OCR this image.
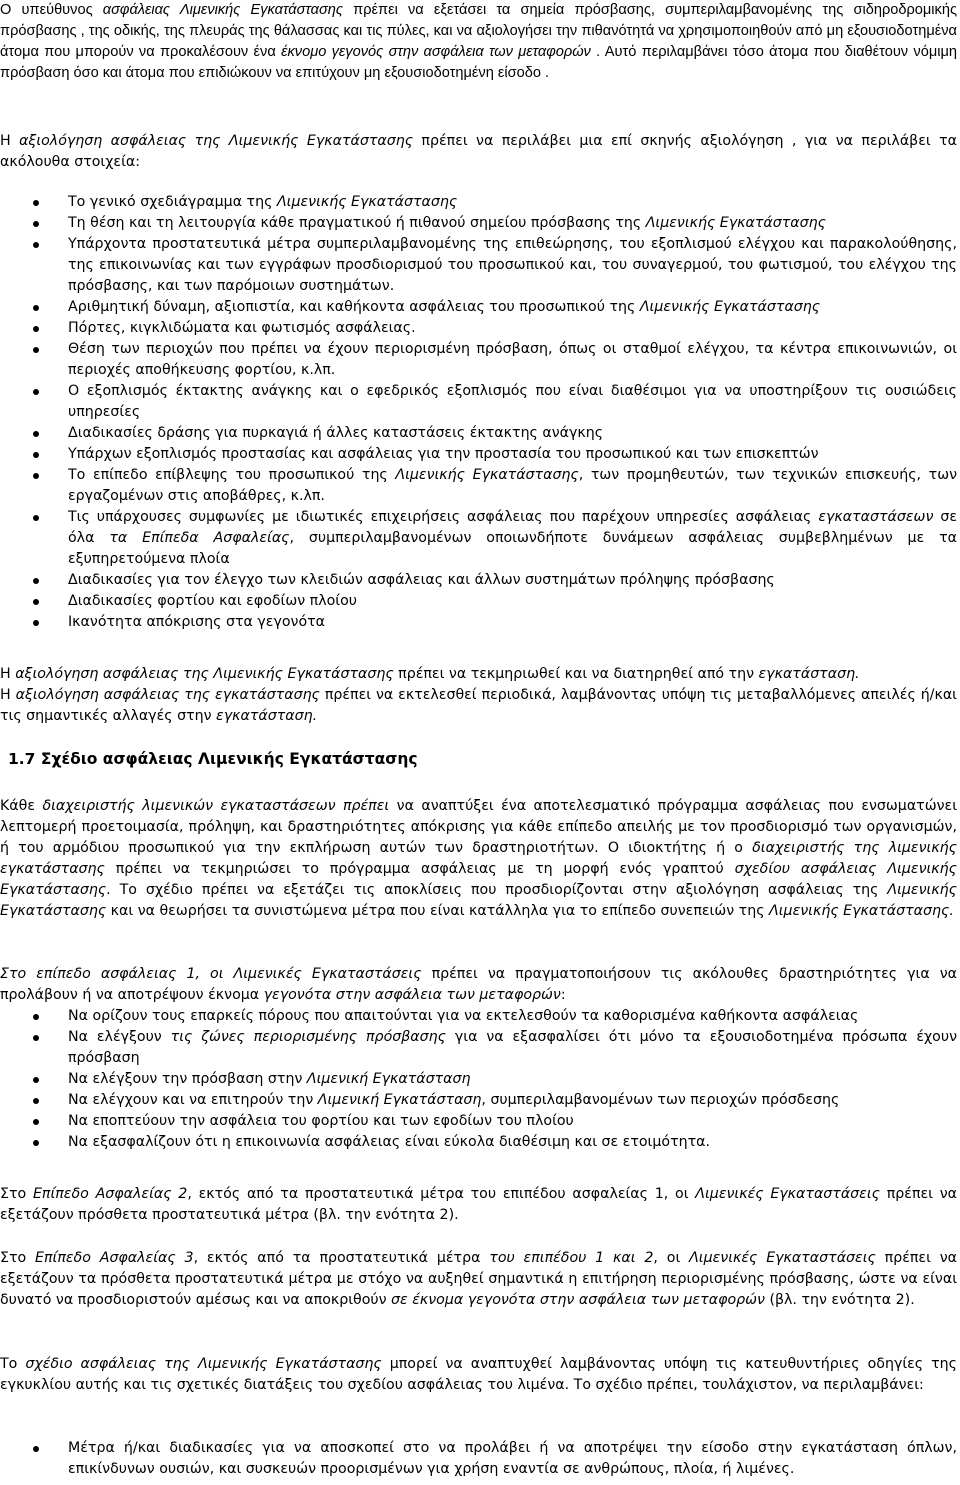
Ο υπεύθυνος ασφάλειας Λιμενικής Εγκατάστασης πρέπει να εξετάσει τα σημεία πρόσβασης, συμπεριλαμβανομένης της σιδηροδρομικής πρόσβασης , της οδικής, της πλευράς της θάλασσας και τις πύλες, και να αξιολογήσει την πιθανότητά να χρησιμοποιηθούν από μη εξουσιοδοτημένα άτομα που μπορούν να προκαλέσουν ένα έκνομο γεγονός στην ασφάλεια των μεταφορών . Αυτό περιλαμβάνει τόσο άτομα που διαθέτουν νόμιμη πρόσβαση όσο και άτομα που επιδιώκουν να επιτύχουν μη εξουσιοδοτημένη είσοδο .

Η αξιολόγηση ασφάλειας της Λιμενικής Εγκατάστασης πρέπει να περιλάβει μια επί σκηνής αξιολόγηση , για να περιλάβει τα ακόλουθα στοιχεία:

Το γενικό σχεδιάγραμμα της Λιμενικής Εγκατάστασης
Τη θέση και τη λειτουργία κάθε πραγματικού ή πιθανού σημείου πρόσβασης της Λιμενικής Εγκατάστασης
Υπάρχοντα προστατευτικά μέτρα συμπεριλαμβανομένης της επιθεώρησης, του εξοπλισμού ελέγχου και παρακολούθησης, της επικοινωνίας και των εγγράφων προσδιορισμού του προσωπικού και, του συναγερμού, του φωτισμού, του ελέγχου της πρόσβασης, και των παρόμοιων συστημάτων.
Αριθμητική δύναμη, αξιοπιστία, και καθήκοντα ασφάλειας του προσωπικού της Λιμενικής Εγκατάστασης
Πόρτες, κιγκλιδώματα και φωτισμός ασφάλειας.
Θέση των περιοχών που πρέπει να έχουν περιορισμένη πρόσβαση, όπως οι σταθμοί ελέγχου, τα κέντρα επικοινωνιών, οι περιοχές αποθήκευσης φορτίου, κ.λπ.
Ο εξοπλισμός έκτακτης ανάγκης και ο εφεδρικός εξοπλισμός που είναι διαθέσιμοι για να υποστηρίξουν τις ουσιώδεις υπηρεσίες
Διαδικασίες δράσης για πυρκαγιά ή άλλες καταστάσεις έκτακτης ανάγκης
Υπάρχων εξοπλισμός προστασίας και ασφάλειας για την προστασία του προσωπικού και των επισκεπτών
Το επίπεδο επίβλεψης του προσωπικού της Λιμενικής Εγκατάστασης, των προμηθευτών, των τεχνικών επισκευής, των εργαζομένων στις αποβάθρες, κ.λπ.
Τις υπάρχουσες συμφωνίες με ιδιωτικές επιχειρήσεις ασφάλειας που παρέχουν υπηρεσίες ασφάλειας εγκαταστάσεων σε όλα τα Επίπεδα Ασφαλείας, συμπεριλαμβανομένων οποιωνδήποτε δυνάμεων ασφάλειας συμβεβλημένων με τα εξυπηρετούμενα πλοία
Διαδικασίες για τον έλεγχο των κλειδιών ασφάλειας και άλλων συστημάτων πρόληψης πρόσβασης
Διαδικασίες φορτίου και εφοδίων πλοίου
Ικανότητα απόκρισης στα γεγονότα

Η αξιολόγηση ασφάλειας της Λιμενικής Εγκατάστασης πρέπει να τεκμηριωθεί και να διατηρηθεί από την εγκατάσταση.
Η αξιολόγηση ασφάλειας της εγκατάστασης πρέπει να εκτελεσθεί περιοδικά, λαμβάνοντας υπόψη τις μεταβαλλόμενες απειλές ή/και τις σημαντικές αλλαγές στην εγκατάσταση.

1.7 Σχέδιο ασφάλειας Λιμενικής Εγκατάστασης

Κάθε διαχειριστής λιμενικών εγκαταστάσεων πρέπει να αναπτύξει ένα αποτελεσματικό πρόγραμμα ασφάλειας που ενσωματώνει λεπτομερή προετοιμασία, πρόληψη, και δραστηριότητες απόκρισης για κάθε επίπεδο απειλής με τον προσδιορισμό των οργανισμών, ή του αρμόδιου προσωπικού για την εκπλήρωση αυτών των δραστηριοτήτων. Ο ιδιοκτήτης ή ο διαχειριστής της λιμενικής εγκατάστασης πρέπει να τεκμηριώσει το πρόγραμμα ασφάλειας με τη μορφή ενός γραπτού σχεδίου ασφάλειας Λιμενικής Εγκατάστασης. Το σχέδιο πρέπει να εξετάζει τις αποκλίσεις που προσδιορίζονται στην αξιολόγηση ασφάλειας της Λιμενικής Εγκατάστασης και να θεωρήσει τα συνιστώμενα μέτρα που είναι κατάλληλα για το επίπεδο συνεπειών της Λιμενικής Εγκατάστασης.

Στο επίπεδο ασφάλειας 1, οι Λιμενικές Εγκαταστάσεις πρέπει να πραγματοποιήσουν τις ακόλουθες δραστηριότητες για να προλάβουν ή να αποτρέψουν έκνομα γεγονότα στην ασφάλεια των μεταφορών:

Να ορίζουν τους επαρκείς πόρους που απαιτούνται για να εκτελεσθούν τα καθορισμένα καθήκοντα ασφάλειας
Να ελέγξουν τις ζώνες περιορισμένης πρόσβασης για να εξασφαλίσει ότι μόνο τα εξουσιοδοτημένα πρόσωπα έχουν πρόσβαση
Να ελέγξουν την πρόσβαση στην Λιμενική Εγκατάσταση
Να ελέγχουν και να επιτηρούν την Λιμενική Εγκατάσταση, συμπεριλαμβανομένων των περιοχών πρόσδεσης
Να εποπτεύουν την ασφάλεια του φορτίου και των εφοδίων του πλοίου
Να εξασφαλίζουν ότι η επικοινωνία ασφάλειας είναι εύκολα διαθέσιμη και σε ετοιμότητα.

Στο Επίπεδο Ασφαλείας 2, εκτός από τα προστατευτικά μέτρα του επιπέδου ασφαλείας 1, οι Λιμενικές Εγκαταστάσεις πρέπει να εξετάζουν πρόσθετα προστατευτικά μέτρα (βλ. την ενότητα 2).

Στο Επίπεδο Ασφαλείας 3, εκτός από τα προστατευτικά μέτρα του επιπέδου 1 και 2, οι Λιμενικές Εγκαταστάσεις πρέπει να εξετάζουν τα πρόσθετα προστατευτικά μέτρα με στόχο να αυξηθεί σημαντικά η επιτήρηση περιορισμένης πρόσβασης, ώστε να είναι δυνατό να προσδιοριστούν αμέσως και να αποκριθούν σε έκνομα γεγονότα στην ασφάλεια των μεταφορών (βλ. την ενότητα 2).

Το σχέδιο ασφάλειας της Λιμενικής Εγκατάστασης μπορεί να αναπτυχθεί λαμβάνοντας υπόψη τις κατευθυντήριες οδηγίες της εγκυκλίου αυτής και τις σχετικές διατάξεις του σχεδίου ασφάλειας του λιμένα. Το σχέδιο πρέπει, τουλάχιστον, να περιλαμβάνει:

Μέτρα ή/και διαδικασίες για να αποσκοπεί στο να προλάβει ή να αποτρέψει την είσοδο στην εγκατάσταση όπλων, επικίνδυνων ουσιών, και συσκευών προορισμένων για χρήση εναντία σε ανθρώπους, πλοία, ή λιμένες.
